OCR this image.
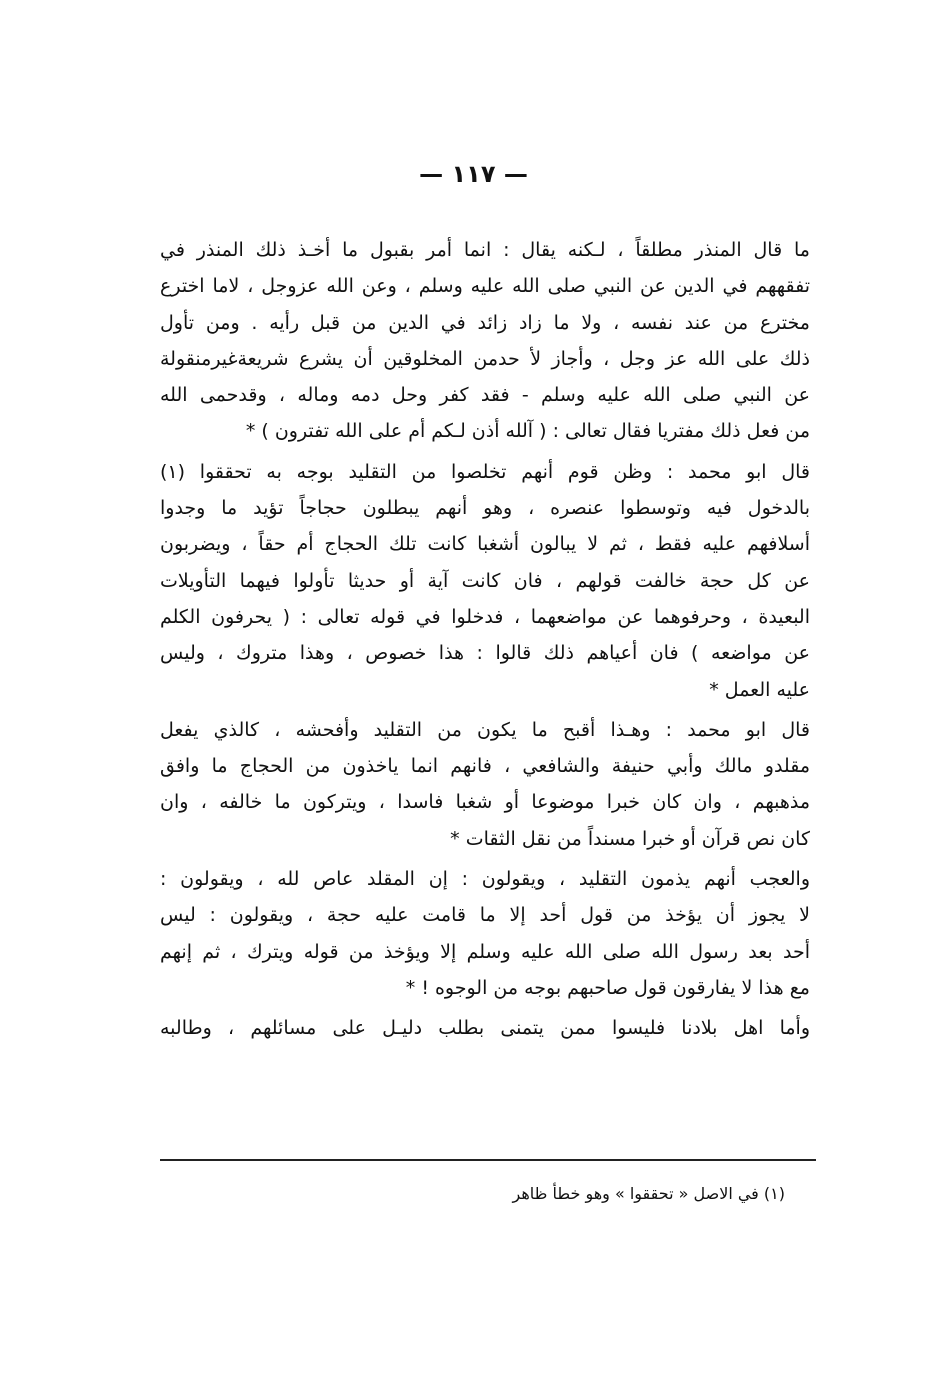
— ١١٧ —
ما قال المنذر مطلقاً ، لـكنه يقال : انما أمر بقبول ما أخـذ ذلك المنذر في
تفقههم في الدين عن النبي صلى الله عليه وسلم ، وعن الله عزوجل ، لاما اخترع
مخترع من عند نفسه ، ولا ما زاد زائد في الدين من قبل رأيه . ومن تأول
ذلك على الله عز وجل ، وأجاز لأ حدمن المخلوقين أن يشرع شريعةغيرمنقولة
عن النبي صلى الله عليه وسلم - فقد كفر وحل دمه وماله ، وقدحمى الله
من فعل ذلك مفتريا فقال تعالى : ( آلله أذن لـكم أم على الله تفترون ) *
قال ابو محمد : وظن قوم أنهم تخلصوا من التقليد بوجه به تحققوا (١)
بالدخول فيه وتوسطوا عنصره ، وهو أنهم يبطلون حجاجاً تؤيد ما وجدوا
أسلافهم عليه فقط ، ثم لا يبالون أشغبا كانت تلك الحجاج أم حقاً ، ويضربون
عن كل حجة خالفت قولهم ، فان كانت آية أو حديثا تأولوا فيهما التأويلات
البعيدة ، وحرفوهما عن مواضعهما ، فدخلوا في قوله تعالى : ( يحرفون الكلم
عن مواضعه ) فان أعياهم ذلك قالوا : هذا خصوص ، وهذا متروك ، وليس
عليه العمل *
قال ابو محمد : وهـذا أقبح ما يكون من التقليد وأفحشه ، كالذي يفعل
مقلدو مالك وأبي حنيفة والشافعي ، فانهم انما ياخذون من الحجاج ما وافق
مذهبهم ، وان كان خبرا موضوعا أو شغبا فاسدا ، ويتركون ما خالفه ، وان
كان نص قرآن أو خبرا مسنداً من نقل الثقات *
والعجب أنهم يذمون التقليد ، ويقولون : إن المقلد عاص لله ، ويقولون :
لا يجوز أن يؤخذ من قول أحد إلا ما قامت عليه حجة ، ويقولون : ليس
أحد بعد رسول الله صلى الله عليه وسلم إلا ويؤخذ من قوله ويترك ، ثم إنهم
مع هذا لا يفارقون قول صاحبهم بوجه من الوجوه ! *
وأما اهل بلادنا فليسوا ممن يتمنى بطلب دليـل على مسائلهم ، وطالبه
(١) في الاصل « تحققوا » وهو خطأ ظاهر
